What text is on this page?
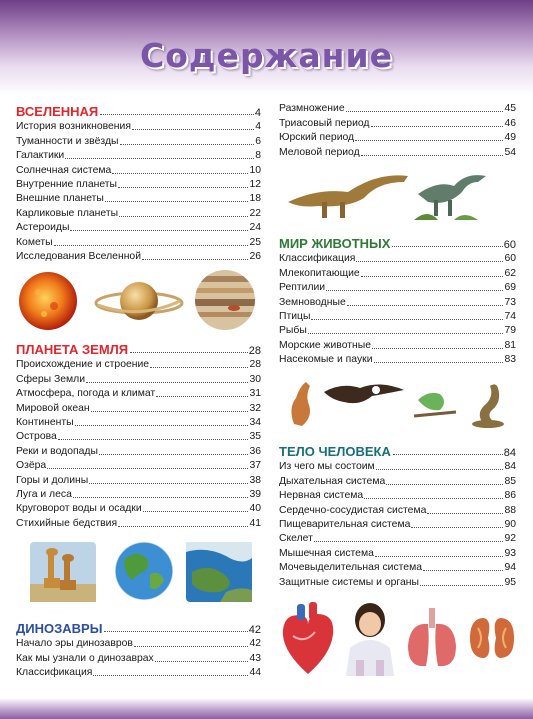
Содержание
ВСЕЛЕННАЯ	4
История возникновения	4
Туманности и звёзды	6
Галактики	8
Солнечная система	10
Внутренние планеты	12
Внешние планеты	18
Карликовые планеты	22
Астероиды	24
Кометы	25
Исследования Вселенной	26
ПЛАНЕТА ЗЕМЛЯ	28
Происхождение и строение	28
Сферы Земли	30
Атмосфера, погода и климат	31
Мировой океан	32
Континенты	34
Острова	35
Реки и водопады	36
Озёра	37
Горы и долины	38
Луга и леса	39
Круговорот воды и осадки	40
Стихийные бедствия	41
ДИНОЗАВРЫ	42
Начало эры динозавров	42
Как мы узнали о динозаврах	43
Классификация	44
Размножение	45
Триасовый период	46
Юрский период	49
Меловой период	54
МИР ЖИВОТНЫХ	60
Классификация	60
Млекопитающие	62
Рептилии	69
Земноводные	73
Птицы	74
Рыбы	79
Морские животные	81
Насекомые и пауки	83
ТЕЛО ЧЕЛОВЕКА	84
Из чего мы состоим	84
Дыхательная система	85
Нервная система	86
Сердечно-сосудистая система	88
Пищеварительная система	90
Скелет	92
Мышечная система	93
Мочевыделительная система	94
Защитные системы и органы	95
